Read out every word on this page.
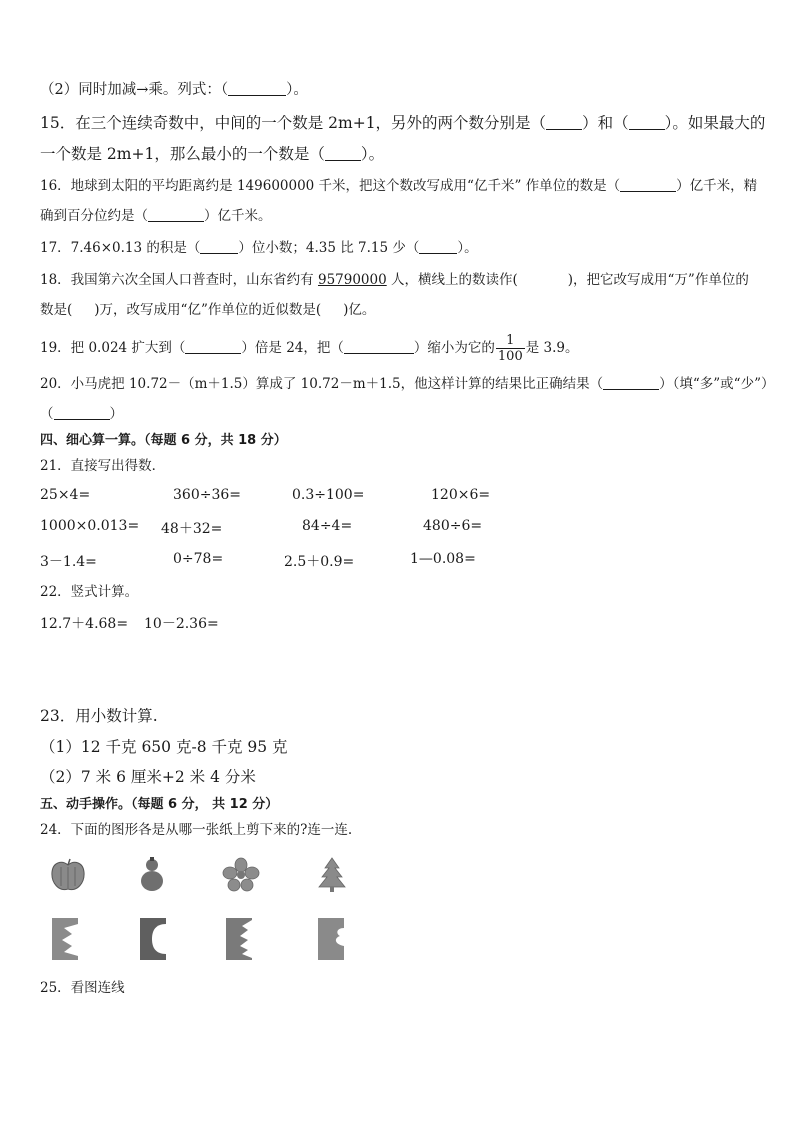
（2）同时加减→乘。列式：（	）。
15．在三个连续奇数中，中间的一个数是 2m+1，另外的两个数分别是（ ）和（ ）。如果最大的
一个数是 2m+1，那么最小的一个数是（ ）。
16．地球到太阳的平均距离约是 149600000 千米，把这个数改写成用“亿千米” 作单位的数是（	）亿千米，精
确到百分位约是（	）亿千米。
17．7.46×0.13 的积是（	）位小数；4.35 比 7.15 少（	）。
18．我国第六次全国人口普查时，山东省约有 95790000 人，横线上的数读作(	)，把它改写成用“万”作单位的
数是( )万，改写成用“亿”作单位的近似数是( )亿。
19．把 0.024 扩大到（	）倍是 24，把（	）缩小为它的 $\frac{1}{100}$ 是 3.9。
20．小马虎把 10.72－（m＋1.5）算成了 10.72－m＋1.5，他这样计算的结果比正确结果（	）（填“多”或“少”）
（	）
四、细心算一算。（每题 6 分，共 18 分）
21．直接写出得数．
25×4=	360÷36=	0.3÷100=	120×6=
1000×0.013= 48＋32=	84÷4=	480÷6=
3－1.4=	0÷78=	2.5＋0.9=	1—0.08=
22．竖式计算。
12.7＋4.68= 10－2.36=
23．用小数计算.
（1）12 千克 650 克-8 千克 95 克
（2）7 米 6 厘米+2 米 4 分米
五、动手操作。（每题 6 分， 共 12 分）
24．下面的图形各是从哪一张纸上剪下来的?连一连.
25．看图连线
